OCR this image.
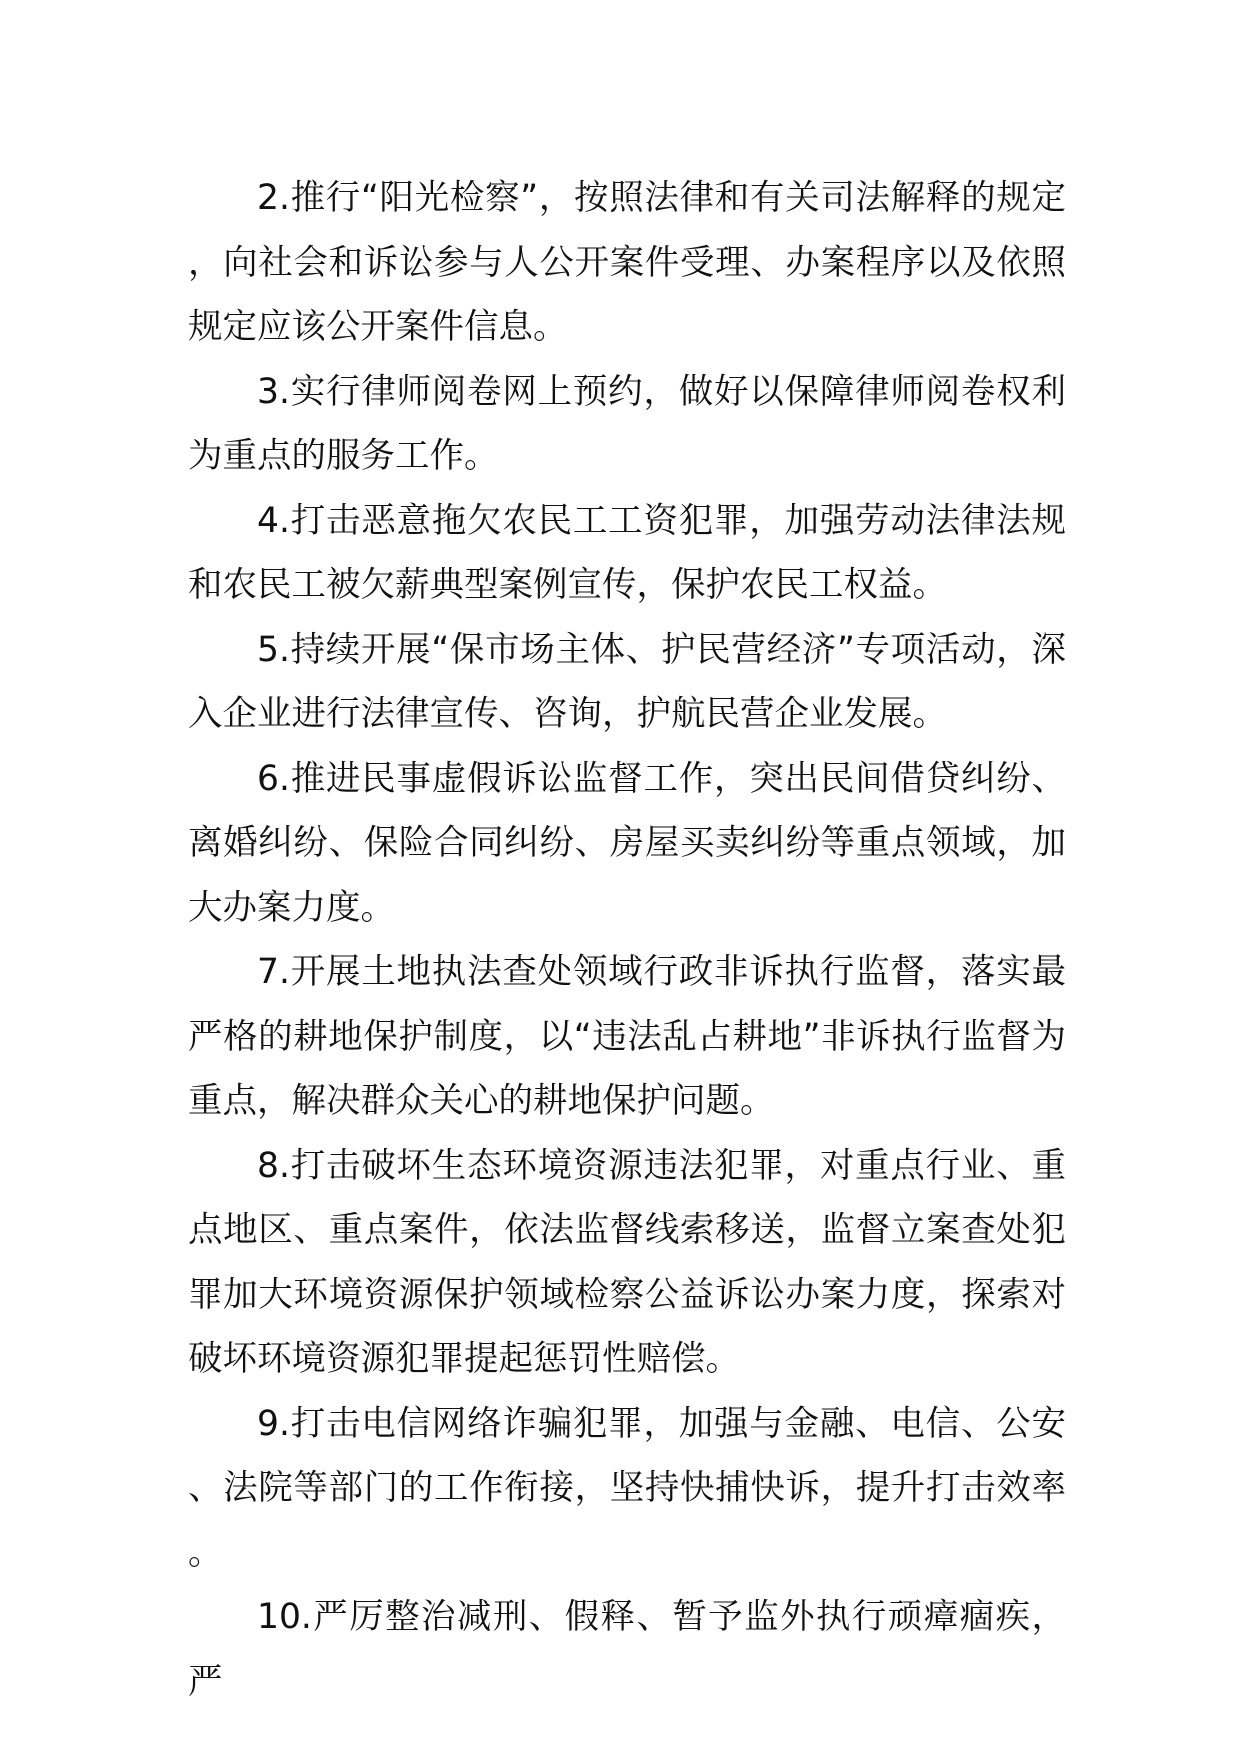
2.推行“阳光检察”，按照法律和有关司法解释的规定，向社会和诉讼参与人公开案件受理、办案程序以及依照规定应该公开案件信息。

3.实行律师阅卷网上预约，做好以保障律师阅卷权利为重点的服务工作。

4.打击恶意拖欠农民工工资犯罪，加强劳动法律法规和农民工被欠薪典型案例宣传，保护农民工权益。

5.持续开展“保市场主体、护民营经济”专项活动，深入企业进行法律宣传、咨询，护航民营企业发展。

6.推进民事虚假诉讼监督工作，突出民间借贷纠纷、离婚纠纷、保险合同纠纷、房屋买卖纠纷等重点领域，加大办案力度。

7.开展土地执法查处领域行政非诉执行监督，落实最严格的耕地保护制度，以“违法乱占耕地”非诉执行监督为重点，解决群众关心的耕地保护问题。

8.打击破坏生态环境资源违法犯罪，对重点行业、重点地区、重点案件，依法监督线索移送，监督立案查处犯罪加大环境资源保护领域检察公益诉讼办案力度，探索对破坏环境资源犯罪提起惩罚性赔偿。

9.打击电信网络诈骗犯罪，加强与金融、电信、公安、法院等部门的工作衔接，坚持快捕快诉，提升打击效率。

10.严厉整治减刑、假释、暂予监外执行顽瘴痼疾，严
